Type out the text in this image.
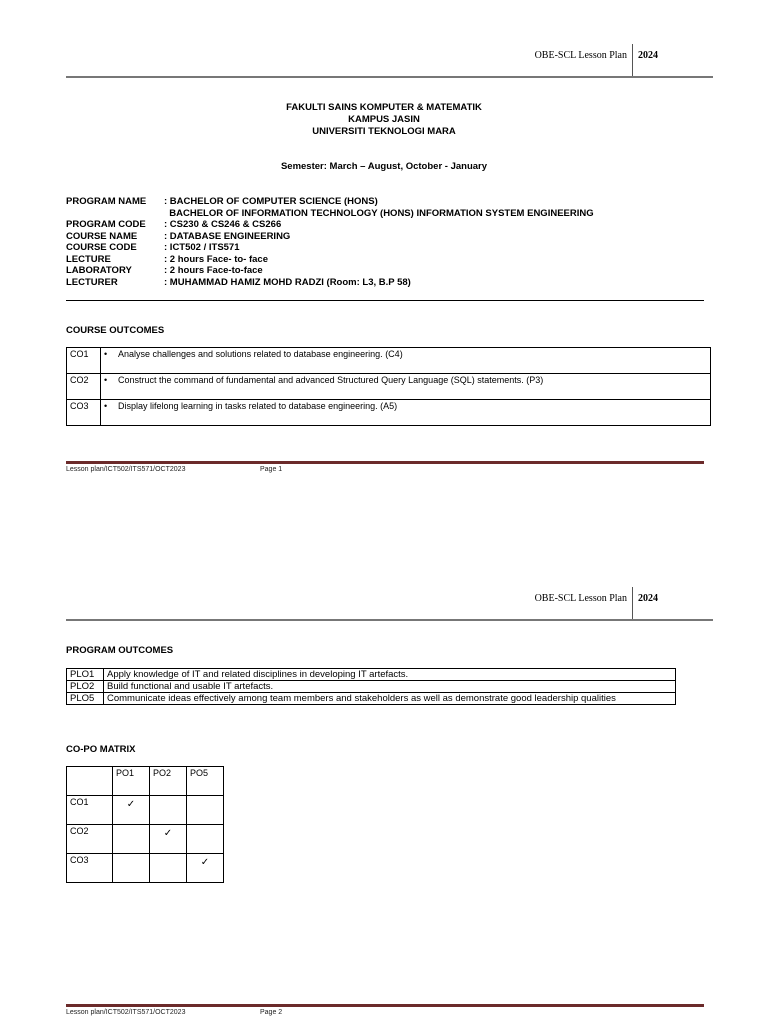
OBE-SCL Lesson Plan 2024
FAKULTI SAINS KOMPUTER & MATEMATIK
KAMPUS JASIN
UNIVERSITI TEKNOLOGI MARA
Semester: March – August, October - January
PROGRAM NAME	: BACHELOR OF COMPUTER SCIENCE (HONS)
BACHELOR OF INFORMATION TECHNOLOGY (HONS) INFORMATION SYSTEM ENGINEERING
PROGRAM CODE	: CS230 & CS246 & CS266
COURSE NAME	: DATABASE ENGINEERING
COURSE CODE	: ICT502 / ITS571
LECTURE	: 2 hours Face- to- face
LABORATORY	: 2 hours Face-to-face
LECTURER	: MUHAMMAD HAMIZ MOHD RADZI (Room: L3, B.P 58)
COURSE OUTCOMES
CO1	• Analyse challenges and solutions related to database engineering. (C4)
CO2	• Construct the command of fundamental and advanced Structured Query Language (SQL) statements. (P3)
CO3	• Display lifelong learning in tasks related to database engineering. (A5)
Lesson plan/ICT502/ITS571/OCT2023	Page 1
OBE-SCL Lesson Plan 2024
PROGRAM OUTCOMES
PLO1	Apply knowledge of IT and related disciplines in developing IT artefacts.
PLO2	Build functional and usable IT artefacts.
PLO5	Communicate ideas effectively among team members and stakeholders as well as demonstrate good leadership qualities
CO-PO MATRIX
	PO1	PO2	PO5
CO1	✓		

CO2		✓	

CO3			✓
Lesson plan/ICT502/ITS571/OCT2023	Page 2
